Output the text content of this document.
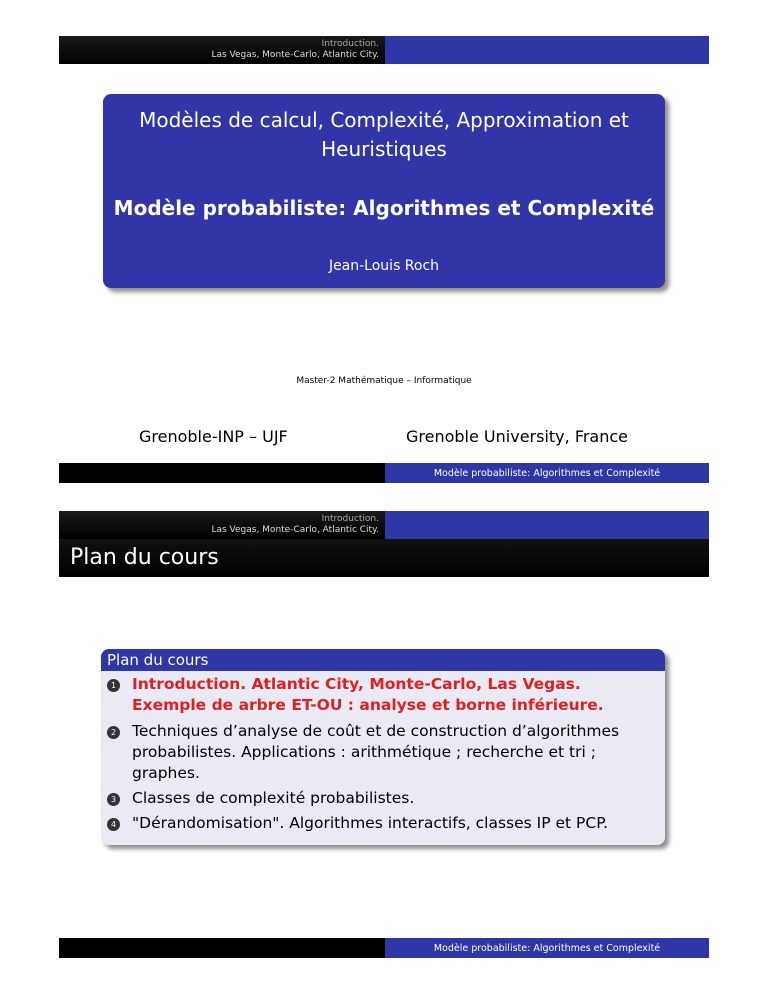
Introduction.
Las Vegas, Monte-Carlo, Atlantic City.
Modèles de calcul, Complexité, Approximation et Heuristiques
Modèle probabiliste: Algorithmes et Complexité
Jean-Louis Roch
Master-2 Mathématique – Informatique
Grenoble-INP – UJF	Grenoble University, France
Modèle probabiliste: Algorithmes et Complexité
Introduction.
Las Vegas, Monte-Carlo, Atlantic City.
Plan du cours
Plan du cours
1 Introduction. Atlantic City, Monte-Carlo, Las Vegas. Exemple de arbre ET-OU : analyse et borne inférieure.
2 Techniques d’analyse de coût et de construction d’algorithmes probabilistes. Applications : arithmétique ; recherche et tri ; graphes.
3 Classes de complexité probabilistes.
4 "Dérandomisation". Algorithmes interactifs, classes IP et PCP.
Modèle probabiliste: Algorithmes et Complexité
